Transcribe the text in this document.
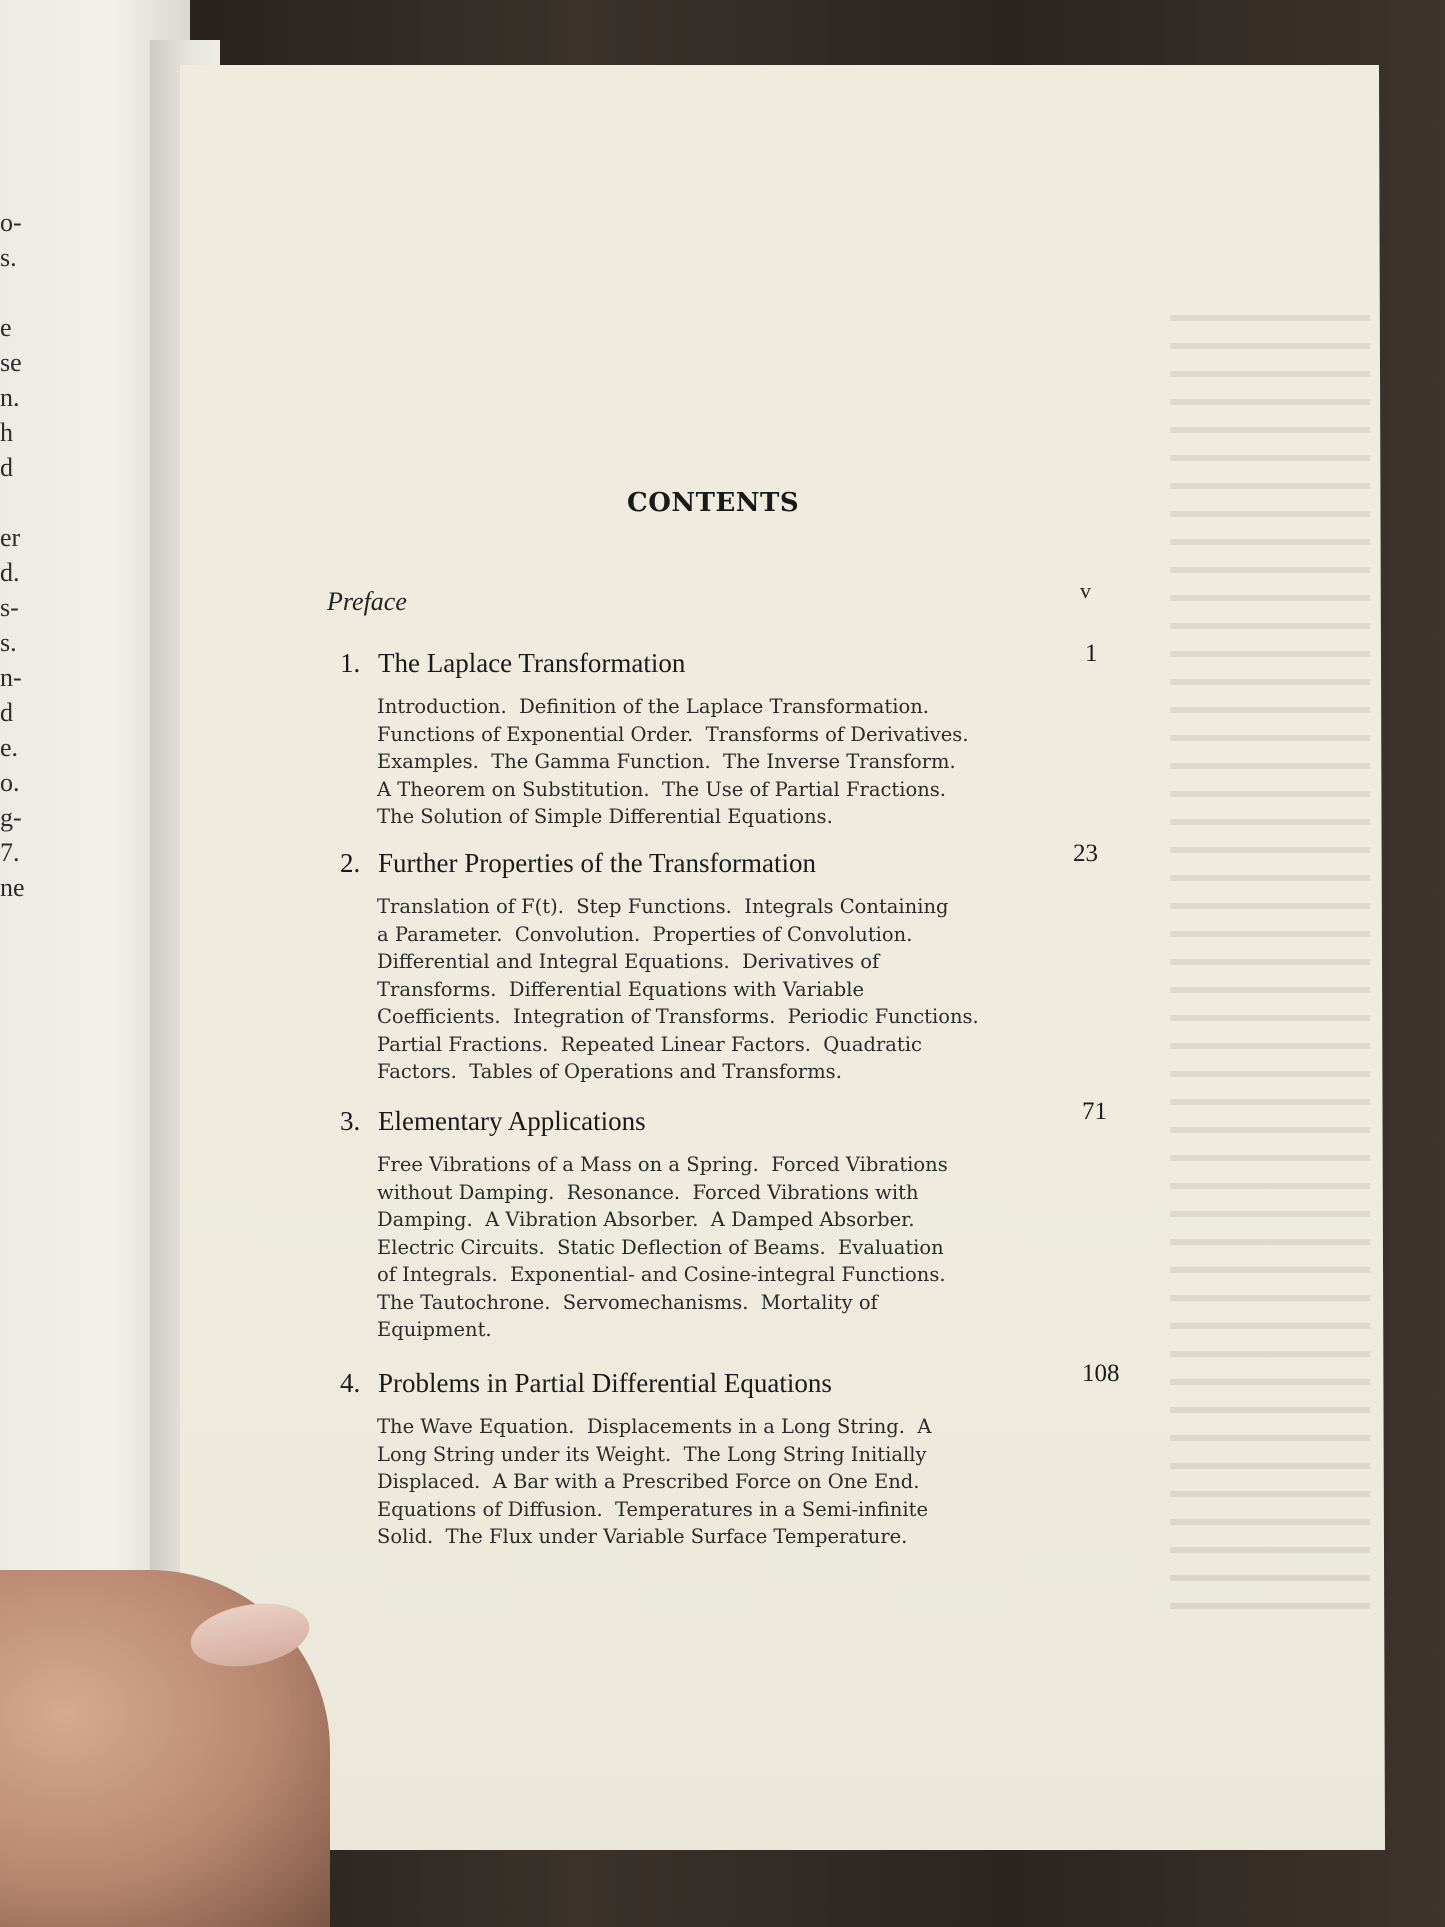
o-
s.
e
se
n.
h
d
er
d.
s-
s.
n-
d
e.
o.
g-
7.
ne
CONTENTS
Preface	v
1. The Laplace Transformation	1
Introduction.  Definition of the Laplace Transformation.
Functions of Exponential Order.  Transforms of Derivatives.
Examples.  The Gamma Function.  The Inverse Transform.
A Theorem on Substitution.  The Use of Partial Fractions.
The Solution of Simple Differential Equations.
2. Further Properties of the Transformation	23
Translation of F(t).  Step Functions.  Integrals Containing
a Parameter.  Convolution.  Properties of Convolution.
Differential and Integral Equations.  Derivatives of
Transforms.  Differential Equations with Variable
Coefficients.  Integration of Transforms.  Periodic Functions.
Partial Fractions.  Repeated Linear Factors.  Quadratic
Factors.  Tables of Operations and Transforms.
3. Elementary Applications	71
Free Vibrations of a Mass on a Spring.  Forced Vibrations
without Damping.  Resonance.  Forced Vibrations with
Damping.  A Vibration Absorber.  A Damped Absorber.
Electric Circuits.  Static Deflection of Beams.  Evaluation
of Integrals.  Exponential- and Cosine-integral Functions.
The Tautochrone.  Servomechanisms.  Mortality of
Equipment.
4. Problems in Partial Differential Equations	108
The Wave Equation.  Displacements in a Long String.  A
Long String under its Weight.  The Long String Initially
Displaced.  A Bar with a Prescribed Force on One End.
Equations of Diffusion.  Temperatures in a Semi-infinite
Solid.  The Flux under Variable Surface Temperature.
